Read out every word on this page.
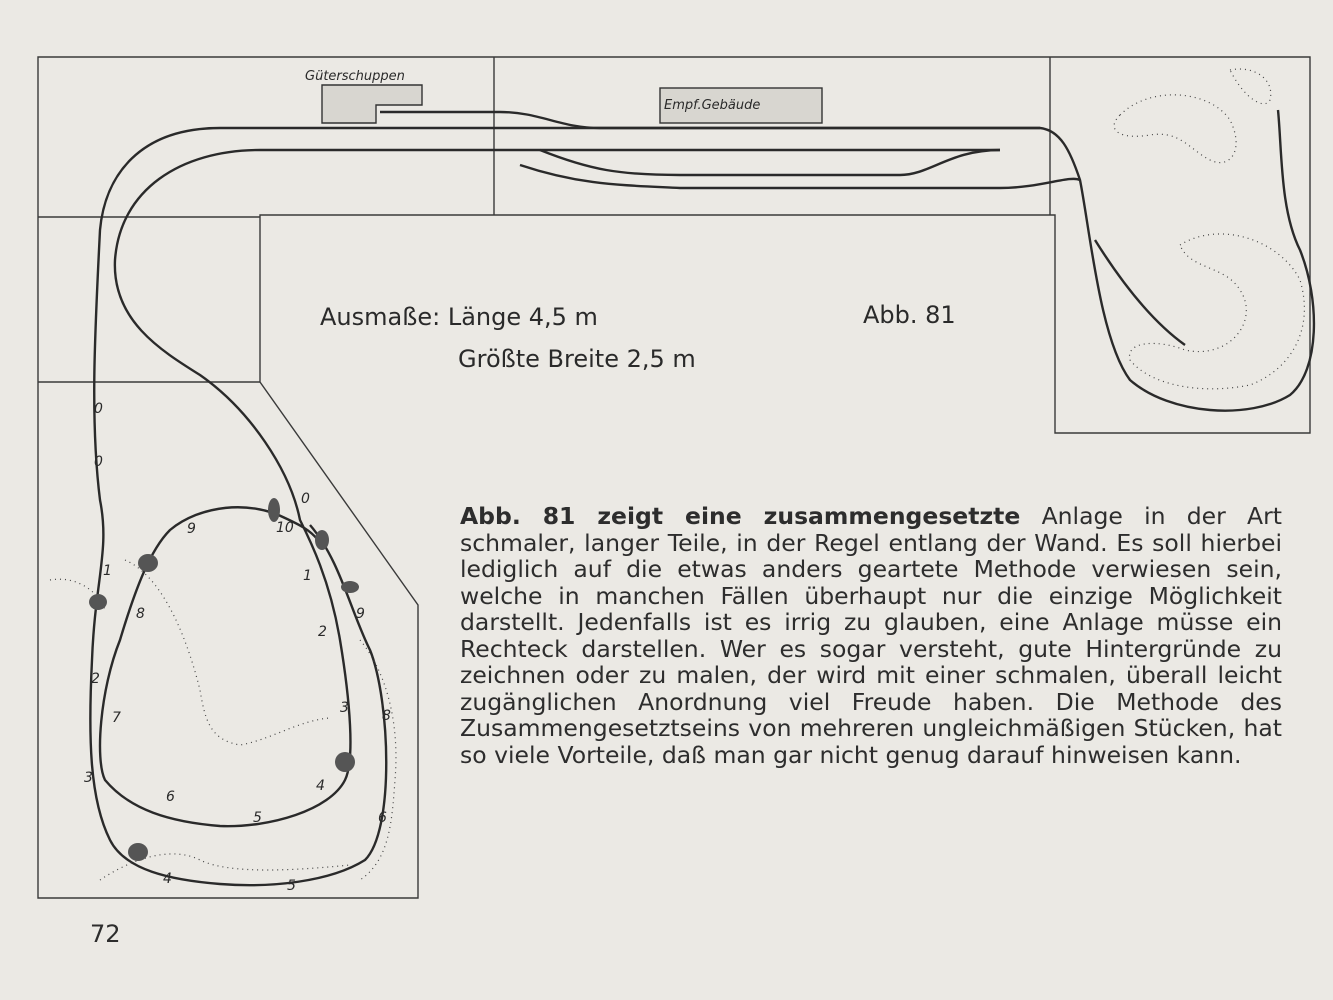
Güterschuppen
Empf.Gebäude
Ausmaße: Länge 4,5 m
Größte Breite 2,5 m
Abb. 81
0
0
0
9	10
1	1
8	9
2
2
3 8
7
4
3
6
6
5
4	5
Abb. 81 zeigt eine zusammengesetzte Anlage in der Art schmaler, langer Teile, in der Regel entlang der Wand. Es soll hierbei lediglich auf die etwas anders geartete Methode verwiesen sein, welche in manchen Fällen überhaupt nur die einzige Möglichkeit darstellt. Jedenfalls ist es irrig zu glauben, eine Anlage müsse ein Rechteck darstellen. Wer es sogar versteht, gute Hintergründe zu zeichnen oder zu malen, der wird mit einer schmalen, überall leicht zugänglichen Anordnung viel Freude haben. Die Methode des Zusammengesetztseins von mehreren ungleichmäßigen Stücken, hat so viele Vorteile, daß man gar nicht genug darauf hinweisen kann.
72
